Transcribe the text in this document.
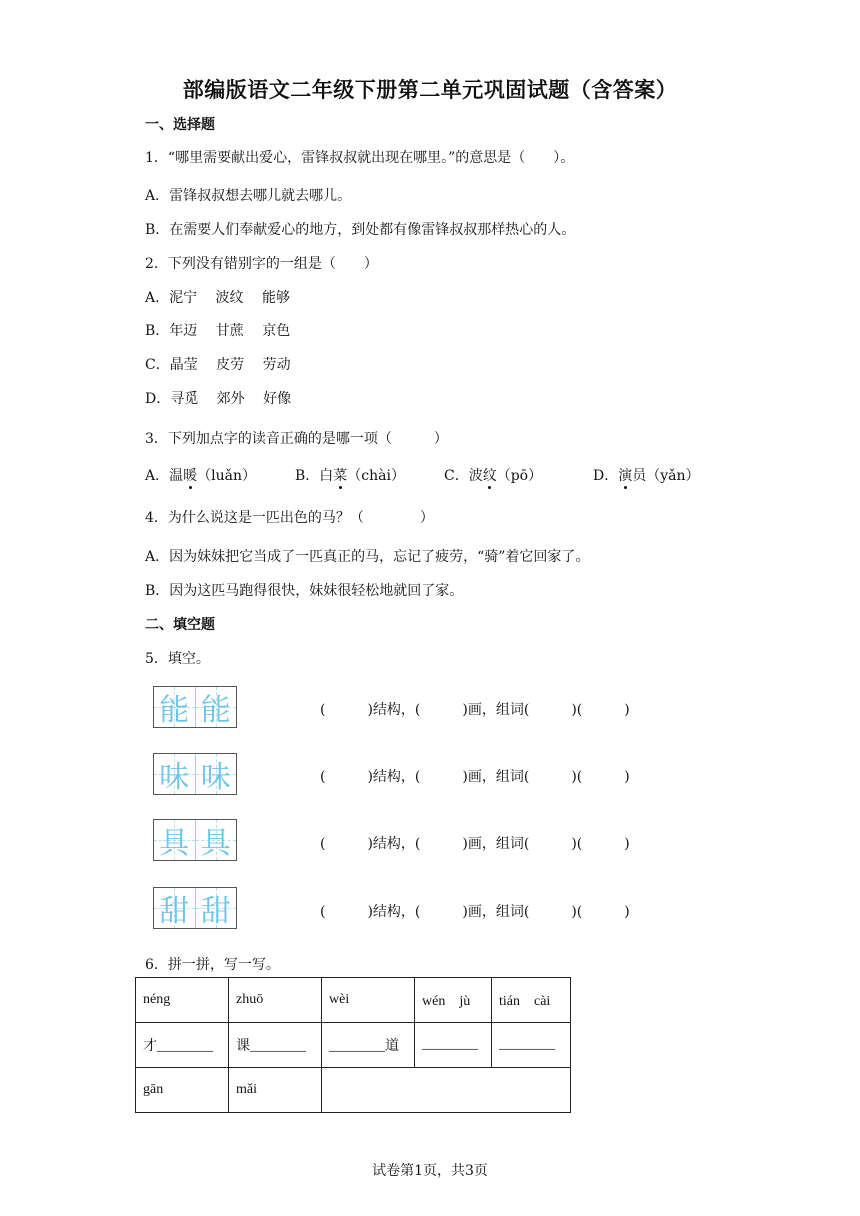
部编版语文二年级下册第二单元巩固试题（含答案）
一、选择题
1．“哪里需要献出爱心，雷锋叔叔就出现在哪里。”的意思是（　　）。
A．雷锋叔叔想去哪儿就去哪儿。
B．在需要人们奉献爱心的地方，到处都有像雷锋叔叔那样热心的人。
2．下列没有错别字的一组是（　　）
A．泥宁　 波纹　 能够
B．年迈　 甘蔗　 京色
C．晶莹　 皮劳　 劳动
D．寻觅　 郊外　 好像
3．下列加点字的读音正确的是哪一项（　　　）
A．温暖（luǎn）	B．白菜（chài）	C．波纹（pō）	D．演员（yǎn）
4．为什么说这是一匹出色的马？（　　　　）
A．因为妹妹把它当成了一匹真正的马，忘记了疲劳，“骑”着它回家了。
B．因为这匹马跑得很快，妹妹很轻松地就回了家。
二、填空题
5．填空。
能 能	(　　　)结构，(　　　)画，组词(　　　)(　　　)
味 味	(　　　)结构，(　　　)画，组词(　　　)(　　　)
具 具	(　　　)结构，(　　　)画，组词(　　　)(　　　)
甜 甜	(　　　)结构，(　　　)画，组词(　　　)(　　　)
6．拼一拼，写一写。
néng	zhuō	wèi	wén　jù	tián　cài
才________	课________	________道	________	________
gān	mǎi			
试卷第1页，共3页
